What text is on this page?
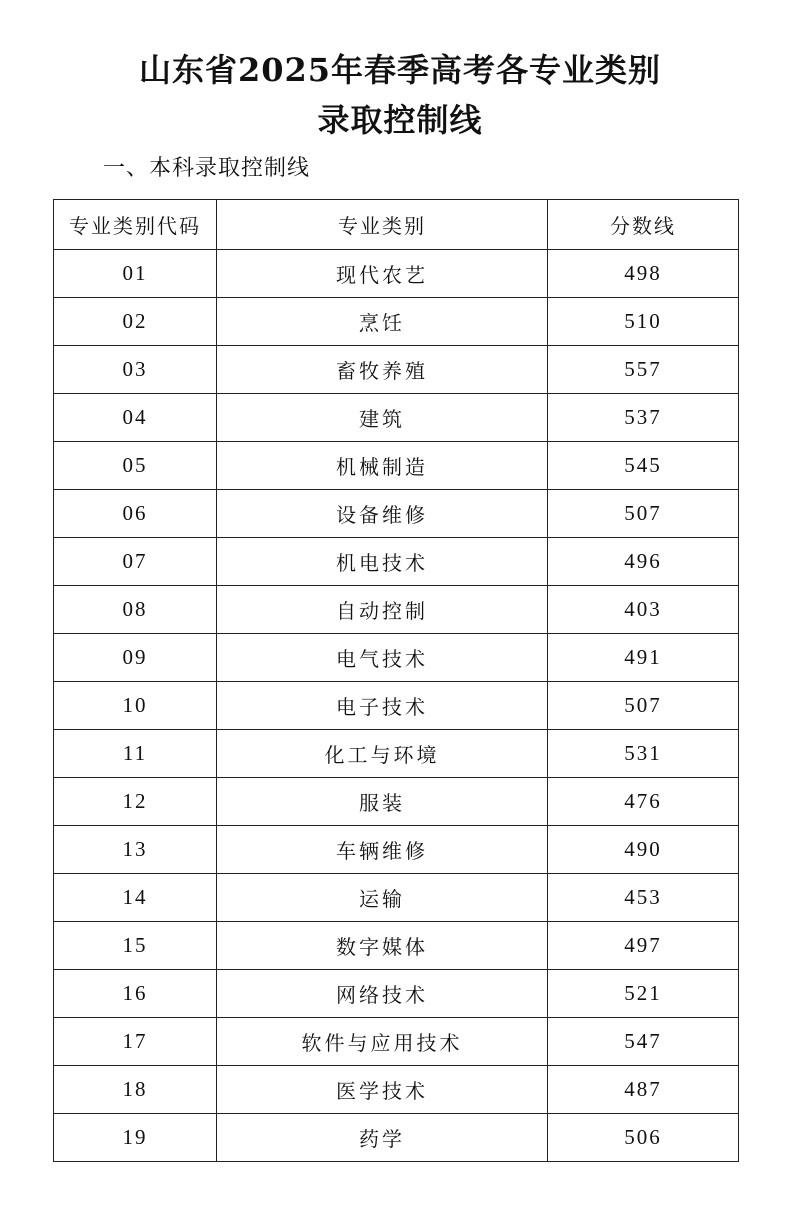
山东省2025年春季高考各专业类别
录取控制线
一、本科录取控制线
专业类别代码	专业类别	分数线
01	现代农艺	498
02	烹饪	510
03	畜牧养殖	557
04	建筑	537
05	机械制造	545
06	设备维修	507
07	机电技术	496
08	自动控制	403
09	电气技术	491
10	电子技术	507
11	化工与环境	531
12	服装	476
13	车辆维修	490
14	运输	453
15	数字媒体	497
16	网络技术	521
17	软件与应用技术	547
18	医学技术	487
19	药学	506
